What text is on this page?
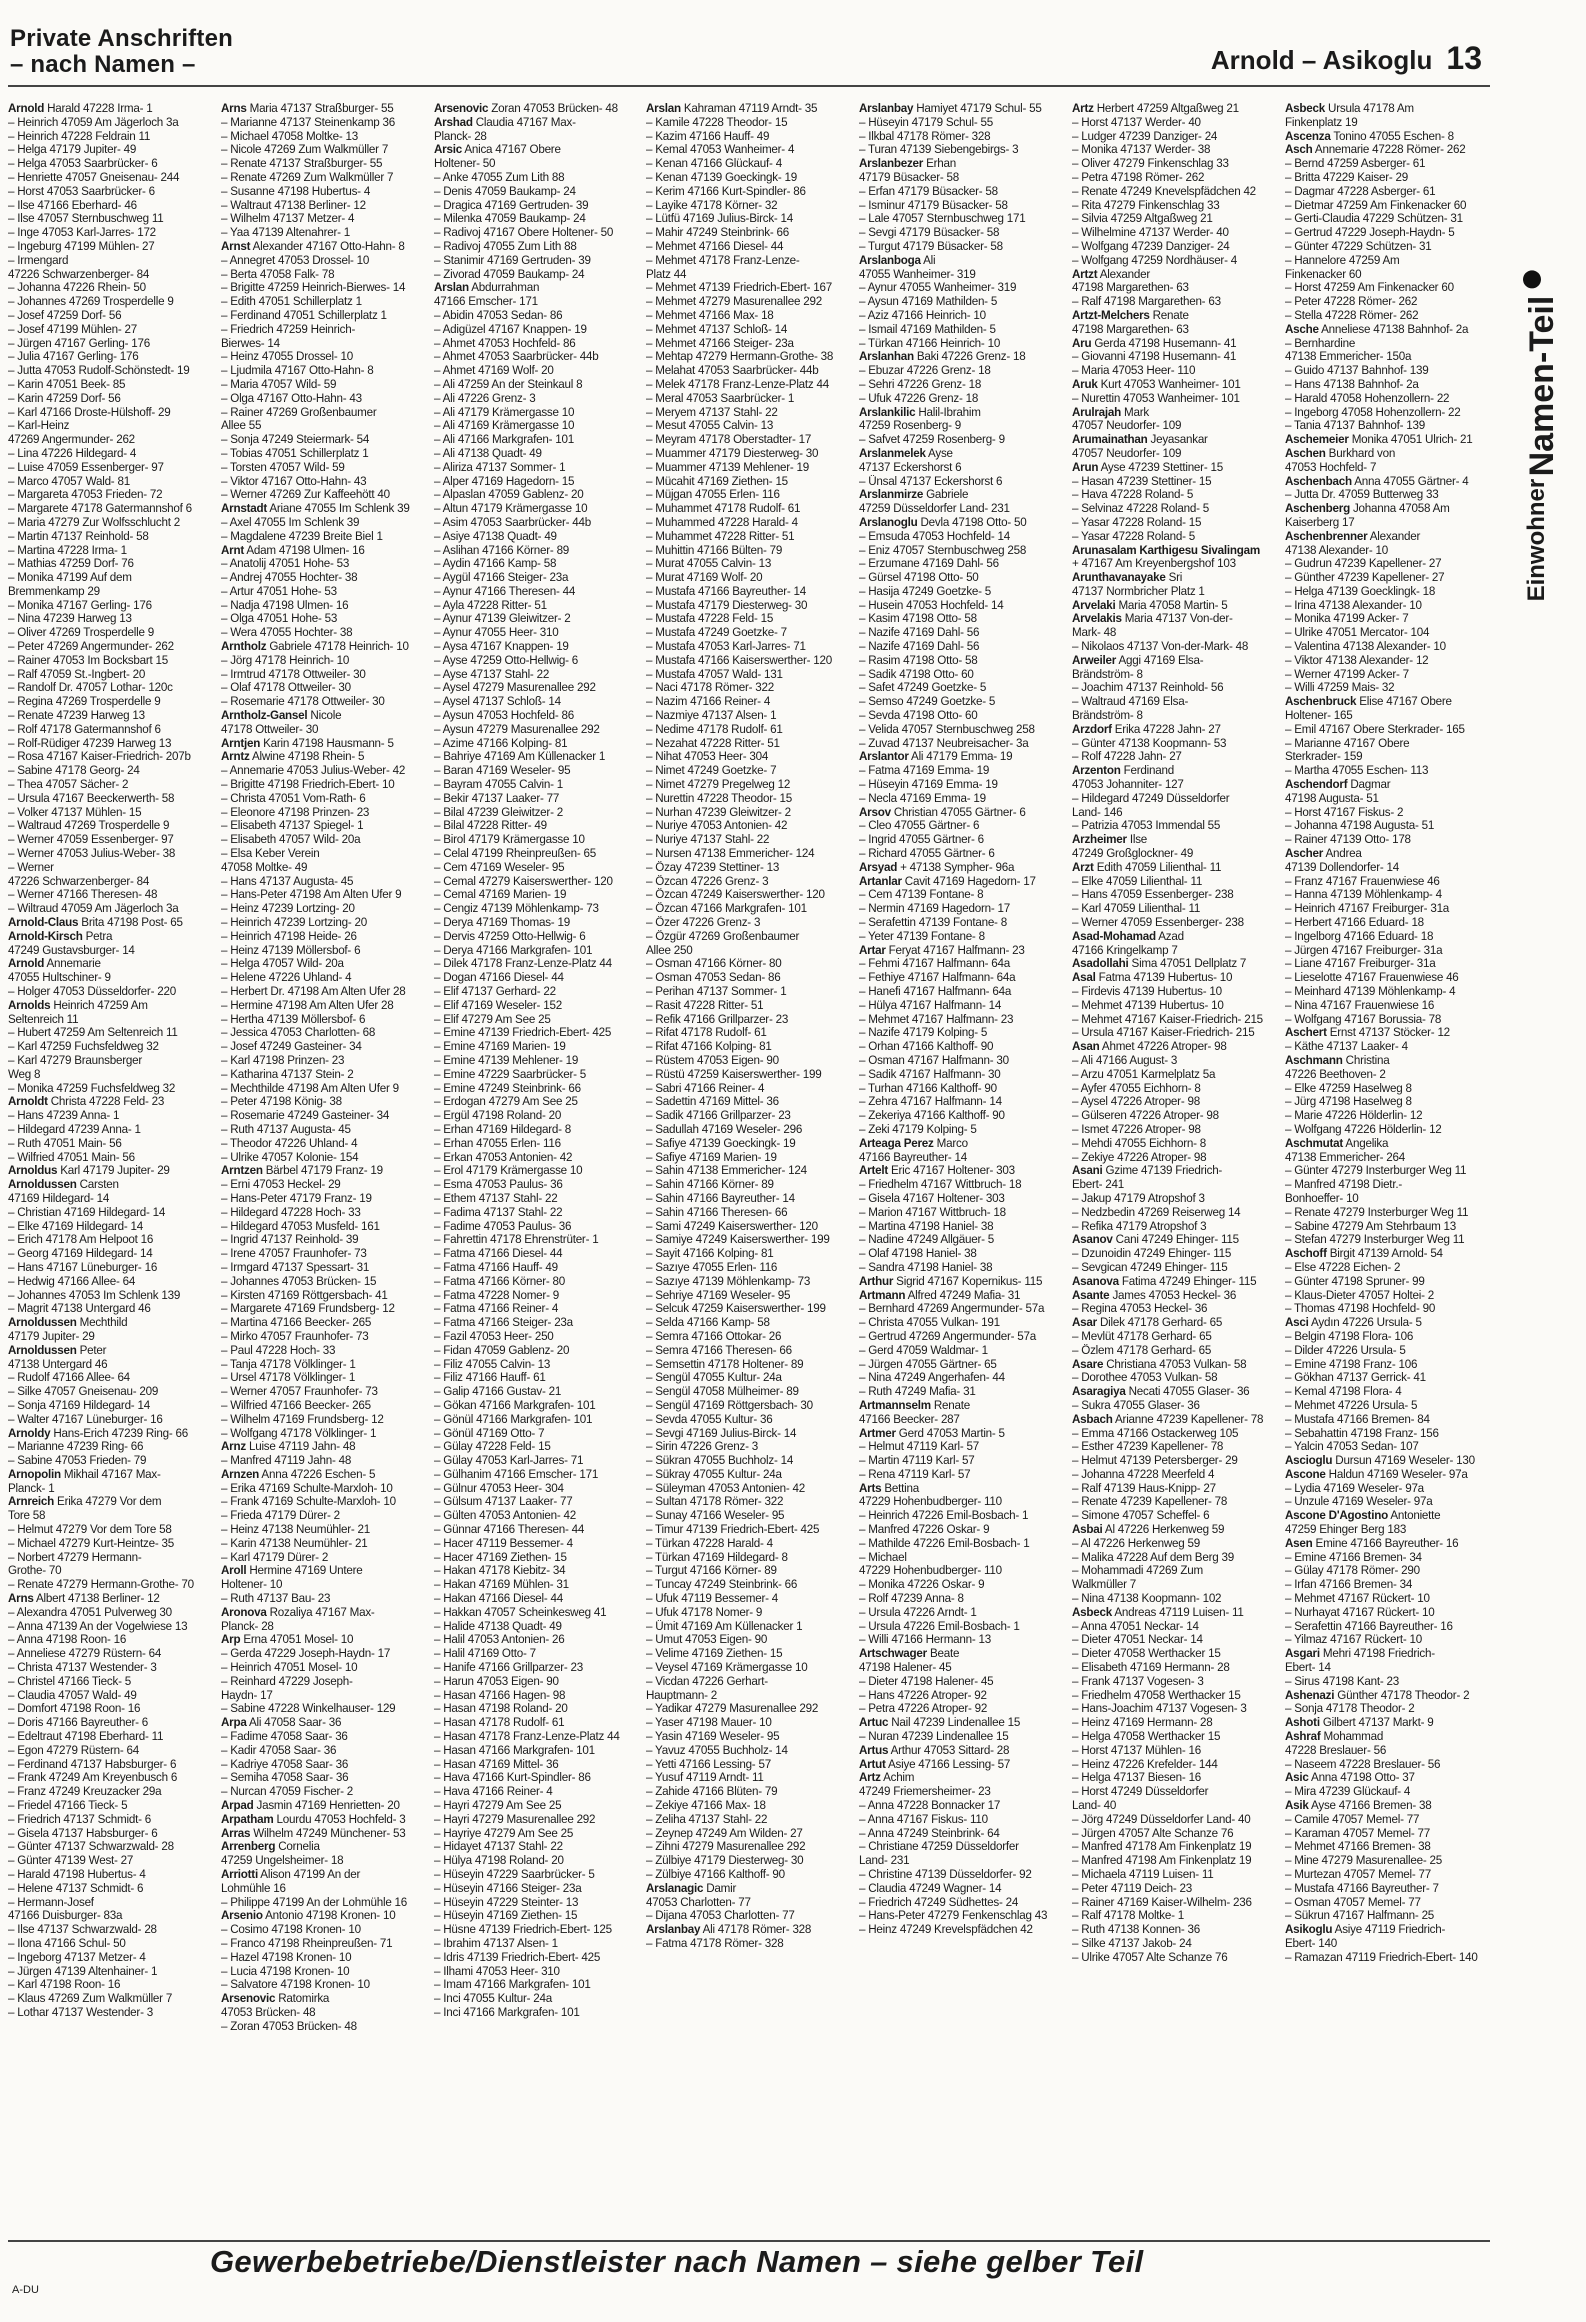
Private Anschriften
– nach Namen –	Arnold – Asikoglu 13
Arnold Harald 47228 Irma- 1
– Heinrich 47059 Am Jägerloch 3a
– Heinrich 47228 Feldrain 11
– Helga 47179 Jupiter- 49
– Helga 47053 Saarbrücker- 6
– Henriette 47057 Gneisenau- 244
– Horst 47053 Saarbrücker- 6
– Ilse 47166 Eberhard- 46
– Ilse 47057 Sternbuschweg 11
– Inge 47053 Karl-Jarres- 172
– Ingeburg 47199 Mühlen- 27
– Irmengard
47226 Schwarzenberger- 84
– Johanna 47226 Rhein- 50
– Johannes 47269 Trosperdelle 9
– Josef 47259 Dorf- 56
– Josef 47199 Mühlen- 27
– Jürgen 47167 Gerling- 176
– Julia 47167 Gerling- 176
– Jutta 47053 Rudolf-Schönstedt- 19
– Karin 47051 Beek- 85
– Karin 47259 Dorf- 56
– Karl 47166 Droste-Hülshoff- 29
– Karl-Heinz
47269 Angermunder- 262
– Lina 47226 Hildegard- 4
– Luise 47059 Essenberger- 97
– Marco 47057 Wald- 81
– Margareta 47053 Frieden- 72
– Margarete 47178 Gatermannshof 6
– Maria 47279 Zur Wolfsschlucht 2
– Martin 47137 Reinhold- 58
– Martina 47228 Irma- 1
– Mathias 47259 Dorf- 76
– Monika 47199 Auf dem
Bremmenkamp 29
– Monika 47167 Gerling- 176
– Nina 47239 Harweg 13
– Oliver 47269 Trosperdelle 9
– Peter 47269 Angermunder- 262
– Rainer 47053 Im Bocksbart 15
– Ralf 47059 St.-Ingbert- 20
– Randolf Dr. 47057 Lothar- 120c
– Regina 47269 Trosperdelle 9
– Renate 47239 Harweg 13
– Rolf 47178 Gatermannshof 6
– Rolf-Rüdiger 47239 Harweg 13
– Rosa 47167 Kaiser-Friedrich- 207b
– Sabine 47178 Georg- 24
– Thea 47057 Sächer- 2
– Ursula 47167 Beeckerwerth- 58
– Volker 47137 Mühlen- 15
– Waltraud 47269 Trosperdelle 9
– Werner 47059 Essenberger- 97
– Werner 47053 Julius-Weber- 38
– Werner
47226 Schwarzenberger- 84
– Werner 47166 Theresen- 48
– Wiltraud 47059 Am Jägerloch 3a
Arnold-Claus Brita 47198 Post- 65
Arnold-Kirsch Petra
47249 Gustavsburger- 14
Arnold Annemarie
47055 Hultschiner- 9
– Holger 47053 Düsseldorfer- 220
Arnolds Heinrich 47259 Am
Seltenreich 11
– Hubert 47259 Am Seltenreich 11
– Karl 47259 Fuchsfeldweg 32
– Karl 47279 Braunsberger
Weg 8
– Monika 47259 Fuchsfeldweg 32
Arnoldt Christa 47228 Feld- 23
– Hans 47239 Anna- 1
– Hildegard 47239 Anna- 1
– Ruth 47051 Main- 56
– Wilfried 47051 Main- 56
Arnoldus Karl 47179 Jupiter- 29
Arnoldussen Carsten
47169 Hildegard- 14
– Christian 47169 Hildegard- 14
– Elke 47169 Hildegard- 14
– Erich 47178 Am Helpoot 16
– Georg 47169 Hildegard- 14
– Hans 47167 Lüneburger- 16
– Hedwig 47166 Allee- 64
– Johannes 47053 Im Schlenk 139
– Magrit 47138 Untergard 46
Arnoldussen Mechthild
47179 Jupiter- 29
Arnoldussen Peter
47138 Untergard 46
– Rudolf 47166 Allee- 64
– Silke 47057 Gneisenau- 209
– Sonja 47169 Hildegard- 14
– Walter 47167 Lüneburger- 16
Arnoldy Hans-Erich 47239 Ring- 66
– Marianne 47239 Ring- 66
– Sabine 47053 Frieden- 79
Arnopolin Mikhail 47167 Max-
Planck- 1
Arnreich Erika 47279 Vor dem
Tore 58
– Helmut 47279 Vor dem Tore 58
– Michael 47279 Kurt-Heintze- 35
– Norbert 47279 Hermann-
Grothe- 70
– Renate 47279 Hermann-Grothe- 70
Arns Albert 47138 Berliner- 12
– Alexandra 47051 Pulverweg 30
– Anna 47139 An der Vogelwiese 13
– Anna 47198 Roon- 16
– Anneliese 47279 Rüstern- 64
– Christa 47137 Westender- 3
– Christel 47166 Tieck- 5
– Claudia 47057 Wald- 49
– Domfort 47198 Roon- 16
– Doris 47166 Bayreuther- 6
– Edeltraut 47198 Eberhard- 11
– Egon 47279 Rüstern- 64
– Ferdinand 47137 Habsburger- 6
– Frank 47249 Am Kreyenbusch 6
– Franz 47249 Kreuzacker 29a
– Friedel 47166 Tieck- 5
– Friedrich 47137 Schmidt- 6
– Gisela 47137 Habsburger- 6
– Günter 47137 Schwarzwald- 28
– Günter 47139 West- 27
– Harald 47198 Hubertus- 4
– Helene 47137 Schmidt- 6
– Hermann-Josef
47166 Duisburger- 83a
– Ilse 47137 Schwarzwald- 28
– Ilona 47166 Schul- 50
– Ingeborg 47137 Metzer- 4
– Jürgen 47139 Altenhainer- 1
– Karl 47198 Roon- 16
– Klaus 47269 Zum Walkmüller 7
– Lothar 47137 Westender- 3
Arns Maria 47137 Straßburger- 55
– Marianne 47137 Steinenkamp 36
– Michael 47058 Moltke- 13
– Nicole 47269 Zum Walkmüller 7
– Renate 47137 Straßburger- 55
– Renate 47269 Zum Walkmüller 7
– Susanne 47198 Hubertus- 4
– Waltraut 47138 Berliner- 12
– Wilhelm 47137 Metzer- 4
– Yaa 47139 Altenahrer- 1
Arnst Alexander 47167 Otto-Hahn- 8
– Annegret 47053 Drossel- 10
– Berta 47058 Falk- 78
– Brigitte 47259 Heinrich-Bierwes- 14
– Edith 47051 Schillerplatz 1
– Ferdinand 47051 Schillerplatz 1
– Friedrich 47259 Heinrich-
Bierwes- 14
– Heinz 47055 Drossel- 10
– Ljudmila 47167 Otto-Hahn- 8
– Maria 47057 Wild- 59
– Olga 47167 Otto-Hahn- 43
– Rainer 47269 Großenbaumer
Allee 55
– Sonja 47249 Steiermark- 54
– Tobias 47051 Schillerplatz 1
– Torsten 47057 Wild- 59
– Viktor 47167 Otto-Hahn- 43
– Werner 47269 Zur Kaffeehött 40
Arnstadt Ariane 47055 Im Schlenk 39
– Axel 47055 Im Schlenk 39
– Magdalene 47239 Breite Biel 1
Arnt Adam 47198 Ulmen- 16
– Anatolij 47051 Hohe- 53
– Andrej 47055 Hochter- 38
– Artur 47051 Hohe- 53
– Nadja 47198 Ulmen- 16
– Olga 47051 Hohe- 53
– Wera 47055 Hochter- 38
Arntholz Gabriele 47178 Heinrich- 10
– Jörg 47178 Heinrich- 10
– Irmtrud 47178 Ottweiler- 30
– Olaf 47178 Ottweiler- 30
– Rosemarie 47178 Ottweiler- 30
Arntholz-Gansel Nicole
47178 Ottweiler- 30
Arntjen Karin 47198 Hausmann- 5
Arntz Alwine 47198 Rhein- 5
– Annemarie 47053 Julius-Weber- 42
– Brigitte 47198 Friedrich-Ebert- 10
– Christa 47051 Vom-Rath- 6
– Eleonore 47198 Prinzen- 23
– Elisabeth 47137 Spiegel- 1
– Elisabeth 47057 Wild- 20a
– Elsa Keber Verein
47058 Moltke- 49
– Hans 47137 Augusta- 45
– Hans-Peter 47198 Am Alten Ufer 9
– Heinz 47239 Lortzing- 20
– Heinrich 47239 Lortzing- 20
– Heinrich 47198 Heide- 26
– Heinz 47139 Möllersbof- 6
– Helga 47057 Wild- 20a
– Helene 47226 Uhland- 4
– Herbert Dr. 47198 Am Alten Ufer 28
– Hermine 47198 Am Alten Ufer 28
– Hertha 47139 Möllersbof- 6
– Jessica 47053 Charlotten- 68
– Josef 47249 Gasteiner- 34
– Karl 47198 Prinzen- 23
– Katharina 47137 Stein- 2
– Mechthilde 47198 Am Alten Ufer 9
– Peter 47198 König- 38
– Rosemarie 47249 Gasteiner- 34
– Ruth 47137 Augusta- 45
– Theodor 47226 Uhland- 4
– Ulrike 47057 Kolonie- 154
Arntzen Bärbel 47179 Franz- 19
– Erni 47053 Heckel- 29
– Hans-Peter 47179 Franz- 19
– Hildegard 47228 Hoch- 33
– Hildegard 47053 Musfeld- 161
– Ingrid 47137 Reinhold- 39
– Irene 47057 Fraunhofer- 73
– Irmgard 47137 Spessart- 31
– Johannes 47053 Brücken- 15
– Kirsten 47169 Röttgersbach- 41
– Margarete 47169 Frundsberg- 12
– Martina 47166 Beecker- 265
– Mirko 47057 Fraunhofer- 73
– Paul 47228 Hoch- 33
– Tanja 47178 Völklinger- 1
– Ursel 47178 Völklinger- 1
– Werner 47057 Fraunhofer- 73
– Wilfried 47166 Beecker- 265
– Wilhelm 47169 Frundsberg- 12
– Wolfgang 47178 Völklinger- 1
Arnz Luise 47119 Jahn- 48
– Manfred 47119 Jahn- 48
Arnzen Anna 47226 Eschen- 5
– Erika 47169 Schulte-Marxloh- 10
– Frank 47169 Schulte-Marxloh- 10
– Frieda 47179 Dürer- 2
– Heinz 47138 Neumühler- 21
– Karin 47138 Neumühler- 21
– Karl 47179 Dürer- 2
Aroll Hermine 47169 Untere
Holtener- 10
– Ruth 47137 Bau- 23
Aronova Rozaliya 47167 Max-
Planck- 28
Arp Erna 47051 Mosel- 10
– Gerda 47229 Joseph-Haydn- 17
– Heinrich 47051 Mosel- 10
– Reinhard 47229 Joseph-
Haydn- 17
– Sabine 47228 Winkelhauser- 129
Arpa Ali 47058 Saar- 36
– Fadime 47058 Saar- 36
– Kadir 47058 Saar- 36
– Kadriye 47058 Saar- 36
– Semiha 47058 Saar- 36
– Nurcan 47059 Fischer- 2
Arpad Jasmin 47169 Henrietten- 20
Arpatham Lourdu 47053 Hochfeld- 3
Arras Wilhelm 47249 Münchener- 53
Arrenberg Cornelia
47259 Ungelsheimer- 18
Arriotti Alison 47199 An der
Lohmühle 16
– Philippe 47199 An der Lohmühle 16
Arsenio Antonio 47198 Kronen- 10
– Cosimo 47198 Kronen- 10
– Franco 47198 Rheinpreußen- 71
– Hazel 47198 Kronen- 10
– Lucia 47198 Kronen- 10
– Salvatore 47198 Kronen- 10
Arsenovic Ratomirka
47053 Brücken- 48
– Zoran 47053 Brücken- 48
Arsenovic Zoran 47053 Brücken- 48
Arshad Claudia 47167 Max-
Planck- 28
Arsic Anica 47167 Obere
Holtener- 50
– Anke 47055 Zum Lith 88
– Denis 47059 Baukamp- 24
– Dragica 47169 Gertruden- 39
– Milenka 47059 Baukamp- 24
– Radivoj 47167 Obere Holtener- 50
– Radivoj 47055 Zum Lith 88
– Stanimir 47169 Gertruden- 39
– Zivorad 47059 Baukamp- 24
Arslan Abdurrahman
47166 Emscher- 171
– Abidin 47053 Sedan- 86
– Adigüzel 47167 Knappen- 19
– Ahmet 47053 Hochfeld- 86
– Ahmet 47053 Saarbrücker- 44b
– Ahmet 47169 Wolf- 20
– Ali 47259 An der Steinkaul 8
– Ali 47226 Grenz- 3
– Ali 47179 Krämergasse 10
– Ali 47169 Krämergasse 10
– Ali 47166 Markgrafen- 101
– Ali 47138 Quadt- 49
– Aliriza 47137 Sommer- 1
– Alper 47169 Hagedorn- 15
– Alpaslan 47059 Gablenz- 20
– Altun 47179 Krämergasse 10
– Asim 47053 Saarbrücker- 44b
– Asiye 47138 Quadt- 49
– Aslihan 47166 Körner- 89
– Aydin 47166 Kamp- 58
– Aygül 47166 Steiger- 23a
– Aynur 47166 Theresen- 44
– Ayla 47228 Ritter- 51
– Aynur 47139 Gleiwitzer- 2
– Aynur 47055 Heer- 310
– Aysa 47167 Knappen- 19
– Ayse 47259 Otto-Hellwig- 6
– Ayse 47137 Stahl- 22
– Aysel 47279 Masurenallee 292
– Aysel 47137 Schloß- 14
– Aysun 47053 Hochfeld- 86
– Aysun 47279 Masurenallee 292
– Azime 47166 Kolping- 81
– Bahriye 47169 Am Küllenacker 1
– Baran 47169 Weseler- 95
– Bayram 47055 Calvin- 1
– Bekir 47137 Laaker- 77
– Bilal 47239 Gleiwitzer- 2
– Bilal 47228 Ritter- 49
– Birol 47179 Krämergasse 10
– Celal 47199 Rheinpreußen- 65
– Cem 47169 Weseler- 95
– Cemal 47279 Kaiserswerther- 120
– Cemal 47169 Marien- 19
– Cengiz 47139 Möhlenkamp- 73
– Derya 47169 Thomas- 19
– Dervis 47259 Otto-Hellwig- 6
– Derya 47166 Markgrafen- 101
– Dilek 47178 Franz-Lenze-Platz 44
– Dogan 47166 Diesel- 44
– Elif 47137 Gerhard- 22
– Elif 47169 Weseler- 152
– Elif 47279 Am See 25
– Emine 47139 Friedrich-Ebert- 425
– Emine 47169 Marien- 19
– Emine 47139 Mehlener- 19
– Emine 47229 Saarbrücker- 5
– Emine 47249 Steinbrink- 66
– Erdogan 47279 Am See 25
– Ergül 47198 Roland- 20
– Erhan 47169 Hildegard- 8
– Erhan 47055 Erlen- 116
– Erkan 47053 Antonien- 42
– Erol 47179 Krämergasse 10
– Esma 47053 Paulus- 36
– Ethem 47137 Stahl- 22
– Fadima 47137 Stahl- 22
– Fadime 47053 Paulus- 36
– Fahrettin 47178 Ehrenstrüter- 1
– Fatma 47166 Diesel- 44
– Fatma 47166 Hauff- 49
– Fatma 47166 Körner- 80
– Fatma 47228 Nomer- 9
– Fatma 47166 Reiner- 4
– Fatma 47166 Steiger- 23a
– Fazil 47053 Heer- 250
– Fidan 47059 Gablenz- 20
– Filiz 47055 Calvin- 13
– Filiz 47166 Hauff- 61
– Galip 47166 Gustav- 21
– Gökan 47166 Markgrafen- 101
– Gönül 47166 Markgrafen- 101
– Gönül 47169 Otto- 7
– Gülay 47228 Feld- 15
– Gülay 47053 Karl-Jarres- 71
– Gülhanim 47166 Emscher- 171
– Gülnur 47053 Heer- 304
– Gülsum 47137 Laaker- 77
– Gülten 47053 Antonien- 42
– Günnar 47166 Theresen- 44
– Hacer 47119 Bessemer- 4
– Hacer 47169 Ziethen- 15
– Hakan 47178 Kiebitz- 34
– Hakan 47169 Mühlen- 31
– Hakan 47166 Diesel- 44
– Hakkan 47057 Scheinkesweg 41
– Halide 47138 Quadt- 49
– Halil 47053 Antonien- 26
– Halil 47169 Otto- 7
– Hanife 47166 Grillparzer- 23
– Harun 47053 Eigen- 90
– Hasan 47166 Hagen- 98
– Hasan 47198 Roland- 20
– Hasan 47178 Rudolf- 61
– Hasan 47178 Franz-Lenze-Platz 44
– Hasan 47166 Markgrafen- 101
– Hasan 47169 Mittel- 36
– Hava 47166 Kurt-Spindler- 86
– Hava 47166 Reiner- 4
– Hayri 47279 Am See 25
– Hayri 47279 Masurenallee 292
– Hayriye 47279 Am See 25
– Hidayet 47137 Stahl- 22
– Hülya 47198 Roland- 20
– Hüseyin 47229 Saarbrücker- 5
– Hüseyin 47166 Steiger- 23a
– Hüseyin 47229 Steinter- 13
– Hüseyin 47169 Ziethen- 15
– Hüsne 47139 Friedrich-Ebert- 125
– Ibrahim 47137 Alsen- 1
– Idris 47139 Friedrich-Ebert- 425
– Ilhami 47053 Heer- 310
– Imam 47166 Markgrafen- 101
– Inci 47055 Kultur- 24a
– Inci 47166 Markgrafen- 101
Arslan Kahraman 47119 Arndt- 35
– Kamile 47228 Theodor- 15
– Kazim 47166 Hauff- 49
– Kemal 47053 Wanheimer- 4
– Kenan 47166 Glückauf- 4
– Kenan 47139 Goeckingk- 19
– Kerim 47166 Kurt-Spindler- 86
– Layike 47178 Körner- 32
– Lütfü 47169 Julius-Birck- 14
– Mahir 47249 Steinbrink- 66
– Mehmet 47166 Diesel- 44
– Mehmet 47178 Franz-Lenze-
Platz 44
– Mehmet 47139 Friedrich-Ebert- 167
– Mehmet 47279 Masurenallee 292
– Mehmet 47166 Max- 18
– Mehmet 47137 Schloß- 14
– Mehmet 47166 Steiger- 23a
– Mehtap 47279 Hermann-Grothe- 38
– Melahat 47053 Saarbrücker- 44b
– Melek 47178 Franz-Lenze-Platz 44
– Meral 47053 Saarbrücker- 1
– Meryem 47137 Stahl- 22
– Mesut 47055 Calvin- 13
– Meyram 47178 Oberstadter- 17
– Muammer 47179 Diesterweg- 30
– Muammer 47139 Mehlener- 19
– Mücahit 47169 Ziethen- 15
– Müjgan 47055 Erlen- 116
– Muhammet 47178 Rudolf- 61
– Muhammed 47228 Harald- 4
– Muhammet 47228 Ritter- 51
– Muhittin 47166 Bülten- 79
– Murat 47055 Calvin- 13
– Murat 47169 Wolf- 20
– Mustafa 47166 Bayreuther- 14
– Mustafa 47179 Diesterweg- 30
– Mustafa 47228 Feld- 15
– Mustafa 47249 Goetzke- 7
– Mustafa 47053 Karl-Jarres- 71
– Mustafa 47166 Kaiserswerther- 120
– Mustafa 47057 Wald- 131
– Naci 47178 Römer- 322
– Nazim 47166 Reiner- 4
– Nazmiye 47137 Alsen- 1
– Nedime 47178 Rudolf- 61
– Nezahat 47228 Ritter- 51
– Nihat 47053 Heer- 304
– Nimet 47249 Goetzke- 7
– Nimet 47279 Pregelweg 12
– Nurettin 47228 Theodor- 15
– Nurhan 47239 Gleiwitzer- 2
– Nuriye 47053 Antonien- 42
– Nuriye 47137 Stahl- 22
– Nursen 47138 Emmericher- 124
– Özay 47239 Stettiner- 13
– Özcan 47226 Grenz- 3
– Özcan 47249 Kaiserswerther- 120
– Özcan 47166 Markgrafen- 101
– Özer 47226 Grenz- 3
– Özgür 47269 Großenbaumer
Allee 250
– Osman 47166 Körner- 80
– Osman 47053 Sedan- 86
– Perihan 47137 Sommer- 1
– Rasit 47228 Ritter- 51
– Refik 47166 Grillparzer- 23
– Rifat 47178 Rudolf- 61
– Rifat 47166 Kolping- 81
– Rüstem 47053 Eigen- 90
– Rüstü 47259 Kaiserswerther- 199
– Sabri 47166 Reiner- 4
– Sadettin 47169 Mittel- 36
– Sadik 47166 Grillparzer- 23
– Sadullah 47169 Weseler- 296
– Safiye 47139 Goeckingk- 19
– Safiye 47169 Marien- 19
– Sahin 47138 Emmericher- 124
– Sahin 47166 Körner- 89
– Sahin 47166 Bayreuther- 14
– Sahin 47166 Theresen- 66
– Sami 47249 Kaiserswerther- 120
– Samiye 47249 Kaiserswerther- 199
– Sayit 47166 Kolping- 81
– Sazıye 47055 Erlen- 116
– Sazıye 47139 Möhlenkamp- 73
– Sehriye 47169 Weseler- 95
– Selcuk 47259 Kaiserswerther- 199
– Selda 47166 Kamp- 58
– Semra 47166 Ottokar- 26
– Semra 47166 Theresen- 66
– Semsettin 47178 Holtener- 89
– Sengül 47055 Kultur- 24a
– Sengül 47058 Mülheimer- 89
– Sengül 47169 Röttgersbach- 30
– Sevda 47055 Kultur- 36
– Sevgi 47169 Julius-Birck- 14
– Sirin 47226 Grenz- 3
– Sükran 47055 Buchholz- 14
– Sükray 47055 Kultur- 24a
– Süleyman 47053 Antonien- 42
– Sultan 47178 Römer- 322
– Sunay 47166 Weseler- 95
– Timur 47139 Friedrich-Ebert- 425
– Türkan 47228 Harald- 4
– Türkan 47169 Hildegard- 8
– Turgut 47166 Körner- 89
– Tuncay 47249 Steinbrink- 66
– Ufuk 47119 Bessemer- 4
– Ufuk 47178 Nomer- 9
– Ümit 47169 Am Küllenacker 1
– Umut 47053 Eigen- 90
– Velime 47169 Ziethen- 15
– Veysel 47169 Krämergasse 10
– Vicdan 47226 Gerhart-
Hauptmann- 2
– Yadikar 47279 Masurenallee 292
– Yaser 47198 Mauer- 10
– Yasin 47169 Weseler- 95
– Yavuz 47055 Buchholz- 14
– Yetti 47166 Lessing- 57
– Yusuf 47119 Arndt- 11
– Zahide 47166 Blüten- 79
– Zekiye 47166 Max- 18
– Zeliha 47137 Stahl- 22
– Zeynep 47249 Am Wilden- 27
– Zihni 47279 Masurenallee 292
– Zülbiye 47179 Diesterweg- 30
– Zülbiye 47166 Kalthoff- 90
Arslanagic Damir
47053 Charlotten- 77
– Dijana 47053 Charlotten- 77
Arslanbay Ali 47178 Römer- 328
– Fatma 47178 Römer- 328
Arslanbay Hamiyet 47179 Schul- 55
– Hüseyin 47179 Schul- 55
– Ilkbal 47178 Römer- 328
– Turan 47139 Siebengebirgs- 3
Arslanbezer Erhan
47179 Büsacker- 58
– Erfan 47179 Büsacker- 58
– Isminur 47179 Büsacker- 58
– Lale 47057 Sternbuschweg 171
– Sevgi 47179 Büsacker- 58
– Turgut 47179 Büsacker- 58
Arslanboga Ali
47055 Wanheimer- 319
– Aynur 47055 Wanheimer- 319
– Aysun 47169 Mathilden- 5
– Aziz 47166 Heinrich- 10
– Ismail 47169 Mathilden- 5
– Türkan 47166 Heinrich- 10
Arslanhan Baki 47226 Grenz- 18
– Ebuzar 47226 Grenz- 18
– Sehri 47226 Grenz- 18
– Ufuk 47226 Grenz- 18
Arslankilic Halil-Ibrahim
47259 Rosenberg- 9
– Safvet 47259 Rosenberg- 9
Arslanmelek Ayse
47137 Eckershorst 6
– Ünsal 47137 Eckershorst 6
Arslanmirze Gabriele
47259 Düsseldorfer Land- 231
Arslanoglu Devla 47198 Otto- 50
– Emsuda 47053 Hochfeld- 14
– Eniz 47057 Sternbuschweg 258
– Erzumane 47169 Dahl- 56
– Gürsel 47198 Otto- 50
– Hasija 47249 Goetzke- 5
– Husein 47053 Hochfeld- 14
– Kasim 47198 Otto- 58
– Nazife 47169 Dahl- 56
– Nazife 47169 Dahl- 56
– Rasim 47198 Otto- 58
– Sadik 47198 Otto- 60
– Safet 47249 Goetzke- 5
– Semso 47249 Goetzke- 5
– Sevda 47198 Otto- 60
– Velida 47057 Sternbuschweg 258
– Zuvad 47137 Neubreisacher- 3a
Arslantor Ali 47179 Emma- 19
– Fatma 47169 Emma- 19
– Hüseyin 47169 Emma- 19
– Necla 47169 Emma- 19
Arsov Christian 47055 Gärtner- 6
– Cleo 47055 Gärtner- 6
– Ingrid 47055 Gärtner- 6
– Richard 47055 Gärtner- 6
Arsyad + 47138 Sympher- 96a
Artanlar Cavit 47169 Hagedorn- 17
– Cem 47139 Fontane- 8
– Nermin 47169 Hagedorn- 17
– Serafettin 47139 Fontane- 8
– Yeter 47139 Fontane- 8
Artar Feryat 47167 Halfmann- 23
– Fehmi 47167 Halfmann- 64a
– Fethiye 47167 Halfmann- 64a
– Hanefi 47167 Halfmann- 64a
– Hülya 47167 Halfmann- 14
– Mehmet 47167 Halfmann- 23
– Nazife 47179 Kolping- 5
– Orhan 47166 Kalthoff- 90
– Osman 47167 Halfmann- 30
– Sadik 47167 Halfmann- 30
– Turhan 47166 Kalthoff- 90
– Zehra 47167 Halfmann- 14
– Zekeriya 47166 Kalthoff- 90
– Zeki 47179 Kolping- 5
Arteaga Perez Marco
47166 Bayreuther- 14
Artelt Eric 47167 Holtener- 303
– Friedhelm 47167 Wittbruch- 18
– Gisela 47167 Holtener- 303
– Marion 47167 Wittbruch- 18
– Martina 47198 Haniel- 38
– Nadine 47249 Allgäuer- 5
– Olaf 47198 Haniel- 38
– Sandra 47198 Haniel- 38
Arthur Sigrid 47167 Kopernikus- 115
Artmann Alfred 47249 Mafia- 31
– Bernhard 47269 Angermunder- 57a
– Christa 47055 Vulkan- 191
– Gertrud 47269 Angermunder- 57a
– Gerd 47059 Waldmar- 1
– Jürgen 47055 Gärtner- 65
– Nina 47249 Angerhafen- 44
– Ruth 47249 Mafia- 31
Artmannselm Renate
47166 Beecker- 287
Artmer Gerd 47053 Martin- 5
– Helmut 47119 Karl- 57
– Martin 47119 Karl- 57
– Rena 47119 Karl- 57
Arts Bettina
47229 Hohenbudberger- 110
– Heinrich 47226 Emil-Bosbach- 1
– Manfred 47226 Oskar- 9
– Mathilde 47226 Emil-Bosbach- 1
– Michael
47229 Hohenbudberger- 110
– Monika 47226 Oskar- 9
– Rolf 47239 Anna- 8
– Ursula 47226 Arndt- 1
– Ursula 47226 Emil-Bosbach- 1
– Willi 47166 Hermann- 13
Artschwager Beate
47198 Halener- 45
– Dieter 47198 Halener- 45
– Hans 47226 Atroper- 92
– Petra 47226 Atroper- 92
Artuc Nail 47239 Lindenallee 15
– Nuran 47239 Lindenallee 15
Artus Arthur 47053 Sittard- 28
Artut Asiye 47166 Lessing- 57
Artz Achim
47249 Friemersheimer- 23
– Anna 47228 Bonnacker 17
– Anna 47167 Fiskus- 110
– Anna 47249 Steinbrink- 64
– Christiane 47259 Düsseldorfer
Land- 231
– Christine 47139 Düsseldorfer- 92
– Claudia 47249 Wagner- 14
– Friedrich 47249 Südhettes- 24
– Hans-Peter 47279 Fenkenschlag 43
– Heinz 47249 Krevelspfädchen 42
Artz Herbert 47259 Altgaßweg 21
– Horst 47137 Werder- 40
– Ludger 47239 Danziger- 24
– Monika 47137 Werder- 38
– Oliver 47279 Finkenschlag 33
– Petra 47198 Römer- 262
– Renate 47249 Knevelspfädchen 42
– Rita 47279 Finkenschlag 33
– Silvia 47259 Altgaßweg 21
– Wilhelmine 47137 Werder- 40
– Wolfgang 47239 Danziger- 24
– Wolfgang 47259 Nordhäuser- 4
Artzt Alexander
47198 Margarethen- 63
– Ralf 47198 Margarethen- 63
Artzt-Melchers Renate
47198 Margarethen- 63
Aru Gerda 47198 Husemann- 41
– Giovanni 47198 Husemann- 41
– Maria 47053 Heer- 110
Aruk Kurt 47053 Wanheimer- 101
– Nurettin 47053 Wanheimer- 101
Arulrajah Mark
47057 Neudorfer- 109
Arumainathan Jeyasankar
47057 Neudorfer- 109
Arun Ayse 47239 Stettiner- 15
– Hasan 47239 Stettiner- 15
– Hava 47228 Roland- 5
– Selvinaz 47228 Roland- 5
– Yasar 47228 Roland- 15
– Yasar 47228 Roland- 5
Arunasalam Karthigesu Sivalingam
+ 47167 Am Kreyenbergshof 103
Arunthavanayake Sri
47137 Normbricher Platz 1
Arvelaki Maria 47058 Martin- 5
Arvelakis Maria 47137 Von-der-
Mark- 48
– Nikolaos 47137 Von-der-Mark- 48
Arweiler Aggi 47169 Elsa-
Brändström- 8
– Joachim 47137 Reinhold- 56
– Waltraud 47169 Elsa-
Brändström- 8
Arzdorf Erika 47228 Jahn- 27
– Günter 47138 Koopmann- 53
– Rolf 47228 Jahn- 27
Arzenton Ferdinand
47053 Johanniter- 127
– Hildegard 47249 Düsseldorfer
Land- 146
– Patrizia 47053 Immendal 55
Arzheimer Ilse
47249 Großglockner- 49
Arzt Edith 47059 Lilienthal- 11
– Elke 47059 Lilienthal- 11
– Hans 47059 Essenberger- 238
– Karl 47059 Lilienthal- 11
– Werner 47059 Essenberger- 238
Asad-Mohamad Azad
47166 Kringelkamp 7
Asadollahi Sima 47051 Dellplatz 7
Asal Fatma 47139 Hubertus- 10
– Firdevis 47139 Hubertus- 10
– Mehmet 47139 Hubertus- 10
– Mehmet 47167 Kaiser-Friedrich- 215
– Ursula 47167 Kaiser-Friedrich- 215
Asan Ahmet 47226 Atroper- 98
– Ali 47166 August- 3
– Arzu 47051 Karmelplatz 5a
– Ayfer 47055 Eichhorn- 8
– Aysel 47226 Atroper- 98
– Gülseren 47226 Atroper- 98
– Ismet 47226 Atroper- 98
– Mehdi 47055 Eichhorn- 8
– Zekiye 47226 Atroper- 98
Asani Gzime 47139 Friedrich-
Ebert- 241
– Jakup 47179 Atropshof 3
– Nedzbedin 47269 Reiserweg 14
– Refika 47179 Atropshof 3
Asanov Cani 47249 Ehinger- 115
– Dzunoidin 47249 Ehinger- 115
– Sevgican 47249 Ehinger- 115
Asanova Fatima 47249 Ehinger- 115
Asante James 47053 Heckel- 36
– Regina 47053 Heckel- 36
Asar Dilek 47178 Gerhard- 65
– Mevlüt 47178 Gerhard- 65
– Özlem 47178 Gerhard- 65
Asare Christiana 47053 Vulkan- 58
– Dorothee 47053 Vulkan- 58
Asaragiya Necati 47055 Glaser- 36
– Sukra 47055 Glaser- 36
Asbach Arianne 47239 Kapellener- 78
– Emma 47166 Ostackerweg 105
– Esther 47239 Kapellener- 78
– Helmut 47139 Petersberger- 29
– Johanna 47228 Meerfeld 4
– Ralf 47139 Haus-Knipp- 27
– Renate 47239 Kapellener- 78
– Simone 47057 Scheffel- 6
Asbai Al 47226 Herkenweg 59
– Al 47226 Herkenweg 59
– Malika 47228 Auf dem Berg 39
– Mohammadi 47269 Zum
Walkmüller 7
– Nina 47138 Koopmann- 102
Asbeck Andreas 47119 Luisen- 11
– Anna 47051 Neckar- 14
– Dieter 47051 Neckar- 14
– Dieter 47058 Werthacker 15
– Elisabeth 47169 Hermann- 28
– Frank 47137 Vogesen- 3
– Friedhelm 47058 Werthacker 15
– Hans-Joachim 47137 Vogesen- 3
– Heinz 47169 Hermann- 28
– Helga 47058 Werthacker 15
– Horst 47137 Mühlen- 16
– Heinz 47226 Krefelder- 144
– Helga 47137 Biesen- 16
– Horst 47249 Düsseldorfer
Land- 40
– Jörg 47249 Düsseldorfer Land- 40
– Jürgen 47057 Alte Schanze 76
– Manfred 47178 Am Finkenplatz 19
– Manfred 47198 Am Finkenplatz 19
– Michaela 47119 Luisen- 11
– Peter 47119 Deich- 23
– Rainer 47169 Kaiser-Wilhelm- 236
– Ralf 47178 Moltke- 1
– Ruth 47138 Konnen- 36
– Silke 47137 Jakob- 24
– Ulrike 47057 Alte Schanze 76
Asbeck Ursula 47178 Am
Finkenplatz 19
Ascenza Tonino 47055 Eschen- 8
Asch Annemarie 47228 Römer- 262
– Bernd 47259 Asberger- 61
– Britta 47229 Kaiser- 29
– Dagmar 47228 Asberger- 61
– Dietmar 47259 Am Finkenacker 60
– Gerti-Claudia 47229 Schützen- 31
– Gertrud 47229 Joseph-Haydn- 5
– Günter 47229 Schützen- 31
– Hannelore 47259 Am
Finkenacker 60
– Horst 47259 Am Finkenacker 60
– Peter 47228 Römer- 262
– Stella 47228 Römer- 262
Asche Anneliese 47138 Bahnhof- 2a
– Bernhardine
47138 Emmericher- 150a
– Guido 47137 Bahnhof- 139
– Hans 47138 Bahnhof- 2a
– Harald 47058 Hohenzollern- 22
– Ingeborg 47058 Hohenzollern- 22
– Tania 47137 Bahnhof- 139
Aschemeier Monika 47051 Ulrich- 21
Aschen Burkhard von
47053 Hochfeld- 7
Aschenbach Anna 47055 Gärtner- 4
– Jutta Dr. 47059 Butterweg 33
Aschenberg Johanna 47058 Am
Kaiserberg 17
Aschenbrenner Alexander
47138 Alexander- 10
– Gudrun 47239 Kapellener- 27
– Günther 47239 Kapellener- 27
– Helga 47139 Goecklingk- 18
– Irina 47138 Alexander- 10
– Monika 47199 Acker- 7
– Ulrike 47051 Mercator- 104
– Valentina 47138 Alexander- 10
– Viktor 47138 Alexander- 12
– Werner 47199 Acker- 7
– Willi 47259 Mais- 32
Aschenbruck Elise 47167 Obere
Holtener- 165
– Emil 47167 Obere Sterkrader- 165
– Marianne 47167 Obere
Sterkrader- 159
– Martha 47055 Eschen- 113
Aschendorf Dagmar
47198 Augusta- 51
– Horst 47167 Fiskus- 2
– Johanna 47198 Augusta- 51
– Rainer 47139 Otto- 178
Ascher Andrea
47139 Dollendorfer- 14
– Franz 47167 Frauenwiese 46
– Hanna 47139 Möhlenkamp- 4
– Heinrich 47167 Freiburger- 31a
– Herbert 47166 Eduard- 18
– Ingelborg 47166 Eduard- 18
– Jürgen 47167 Freiburger- 31a
– Liane 47167 Freiburger- 31a
– Lieselotte 47167 Frauenwiese 46
– Meinhard 47139 Möhlenkamp- 4
– Nina 47167 Frauenwiese 16
– Wolfgang 47167 Borussia- 78
Aschert Ernst 47137 Stöcker- 12
– Käthe 47137 Laaker- 4
Aschmann Christina
47226 Beethoven- 2
– Elke 47259 Haselweg 8
– Jürg 47198 Haselweg 8
– Marie 47226 Hölderlin- 12
– Wolfgang 47226 Hölderlin- 12
Aschmutat Angelika
47138 Emmericher- 264
– Günter 47279 Insterburger Weg 11
– Manfred 47198 Dietr.-
Bonhoeffer- 10
– Renate 47279 Insterburger Weg 11
– Sabine 47279 Am Stehrbaum 13
– Stefan 47279 Insterburger Weg 11
Aschoff Birgit 47139 Arnold- 54
– Else 47228 Eichen- 2
– Günter 47198 Spruner- 99
– Klaus-Dieter 47057 Holtei- 2
– Thomas 47198 Hochfeld- 90
Asci Aydın 47226 Ursula- 5
– Belgin 47198 Flora- 106
– Dilder 47226 Ursula- 5
– Emine 47198 Franz- 106
– Gökhan 47137 Gerrick- 41
– Kemal 47198 Flora- 4
– Mehmet 47226 Ursula- 5
– Mustafa 47166 Bremen- 84
– Sebahattin 47198 Franz- 156
– Yalcin 47053 Sedan- 107
Ascioglu Dursun 47169 Weseler- 130
Ascone Haldun 47169 Weseler- 97a
– Lydia 47169 Weseler- 97a
– Unzule 47169 Weseler- 97a
Ascone D'Agostino Antoniette
47259 Ehinger Berg 183
Asen Emine 47166 Bayreuther- 16
– Emine 47166 Bremen- 34
– Gülay 47178 Römer- 290
– Irfan 47166 Bremen- 34
– Mehmet 47167 Rückert- 10
– Nurhayat 47167 Rückert- 10
– Serafettin 47166 Bayreuther- 16
– Yilmaz 47167 Rückert- 10
Asgari Mehri 47198 Friedrich-
Ebert- 14
– Sirus 47198 Kant- 23
Ashenazi Günther 47178 Theodor- 2
– Sonja 47178 Theodor- 2
Ashoti Gilbert 47137 Markt- 9
Ashraf Mohammad
47228 Breslauer- 56
– Naseem 47228 Breslauer- 56
Asic Anna 47198 Otto- 37
– Mira 47239 Glückauf- 4
Asik Ayse 47166 Bremen- 38
– Camile 47057 Memel- 77
– Karaman 47057 Memel- 77
– Mehmet 47166 Bremen- 38
– Mine 47279 Masurenallee- 25
– Murtezan 47057 Memel- 77
– Mustafa 47166 Bayreuther- 7
– Osman 47057 Memel- 77
– Sükrun 47167 Halfmann- 25
Asikoglu Asiye 47119 Friedrich-
Ebert- 140
– Ramazan 47119 Friedrich-Ebert- 140
Einwohner
Namen-Teil
Gewerbebetriebe/Dienstleister nach Namen – siehe gelber Teil
A-DU
